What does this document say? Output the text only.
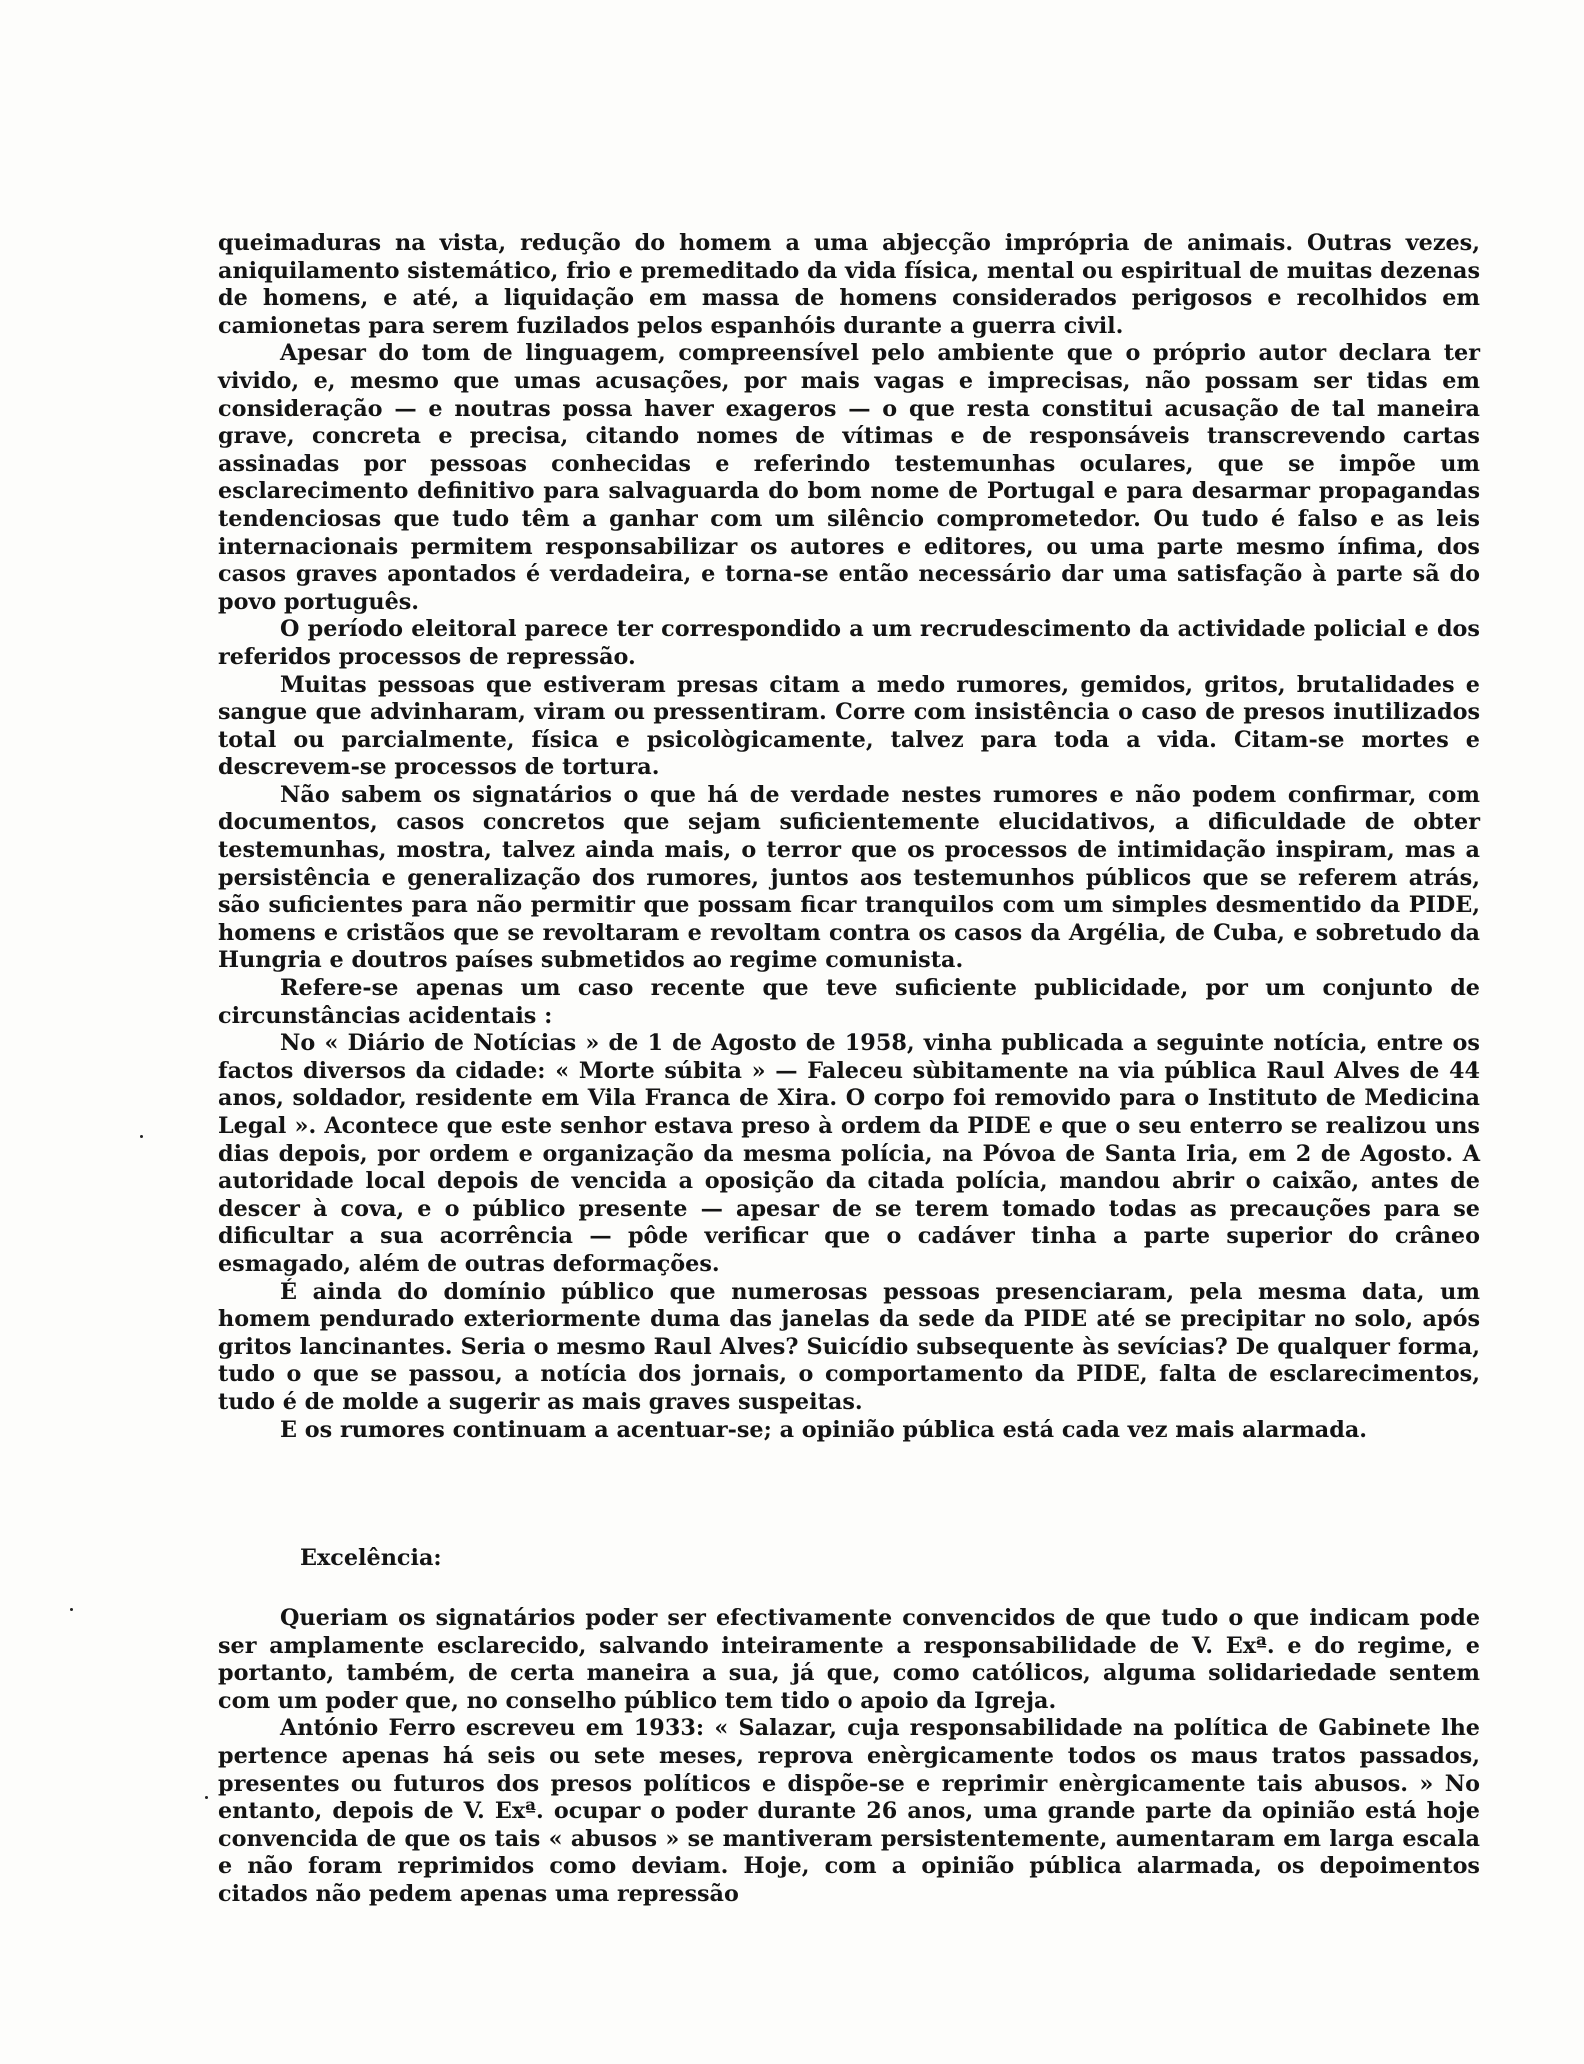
queimaduras na vista, redução do homem a uma abjecção imprópria de animais. Outras vezes, aniquilamento sistemático, frio e premeditado da vida física, mental ou espiritual de muitas dezenas de homens, e até, a liquidação em massa de homens considerados perigosos e recolhidos em camionetas para serem fuzilados pelos espanhóis durante a guerra civil.

Apesar do tom de linguagem, compreensível pelo ambiente que o próprio autor declara ter vivido, e, mesmo que umas acusações, por mais vagas e imprecisas, não possam ser tidas em consideração — e noutras possa haver exageros — o que resta constitui acusação de tal maneira grave, concreta e precisa, citando nomes de vítimas e de responsáveis transcrevendo cartas assinadas por pessoas conhecidas e referindo testemunhas oculares, que se impõe um esclarecimento definitivo para salvaguarda do bom nome de Portugal e para desarmar propagandas tendenciosas que tudo têm a ganhar com um silêncio comprometedor. Ou tudo é falso e as leis internacionais permitem responsabilizar os autores e editores, ou uma parte mesmo ínfima, dos casos graves apontados é verdadeira, e torna-se então necessário dar uma satisfação à parte sã do povo português.

O período eleitoral parece ter correspondido a um recrudescimento da actividade policial e dos referidos processos de repressão.

Muitas pessoas que estiveram presas citam a medo rumores, gemidos, gritos, brutalidades e sangue que advinharam, viram ou pressentiram. Corre com insistência o caso de presos inutilizados total ou parcialmente, física e psicològicamente, talvez para toda a vida. Citam-se mortes e descrevem-se processos de tortura.

Não sabem os signatários o que há de verdade nestes rumores e não podem confirmar, com documentos, casos concretos que sejam suficientemente elucidativos, a dificuldade de obter testemunhas, mostra, talvez ainda mais, o terror que os processos de intimidação inspiram, mas a persistência e generalização dos rumores, juntos aos testemunhos públicos que se referem atrás, são suficientes para não permitir que possam ficar tranquilos com um simples desmentido da PIDE, homens e cristãos que se revoltaram e revoltam contra os casos da Argélia, de Cuba, e sobretudo da Hungria e doutros países submetidos ao regime comunista.

Refere-se apenas um caso recente que teve suficiente publicidade, por um conjunto de circunstâncias acidentais :

No « Diário de Notícias » de 1 de Agosto de 1958, vinha publicada a seguinte notícia, entre os factos diversos da cidade: « Morte súbita » — Faleceu sùbitamente na via pública Raul Alves de 44 anos, soldador, residente em Vila Franca de Xira. O corpo foi removido para o Instituto de Medicina Legal ». Acontece que este senhor estava preso à ordem da PIDE e que o seu enterro se realizou uns dias depois, por ordem e organização da mesma polícia, na Póvoa de Santa Iria, em 2 de Agosto. A autoridade local depois de vencida a oposição da citada polícia, mandou abrir o caixão, antes de descer à cova, e o público presente — apesar de se terem tomado todas as precauções para se dificultar a sua acorrência — pôde verificar que o cadáver tinha a parte superior do crâneo esmagado, além de outras deformações.

É ainda do domínio público que numerosas pessoas presenciaram, pela mesma data, um homem pendurado exteriormente duma das janelas da sede da PIDE até se precipitar no solo, após gritos lancinantes. Seria o mesmo Raul Alves? Suicídio subsequente às sevícias? De qualquer forma, tudo o que se passou, a notícia dos jornais, o comportamento da PIDE, falta de esclarecimentos, tudo é de molde a sugerir as mais graves suspeitas.

E os rumores continuam a acentuar-se; a opinião pública está cada vez mais alarmada.

Excelência:

Queriam os signatários poder ser efectivamente convencidos de que tudo o que indicam pode ser amplamente esclarecido, salvando inteiramente a responsabilidade de V. Exª. e do regime, e portanto, também, de certa maneira a sua, já que, como católicos, alguma solidariedade sentem com um poder que, no conselho público tem tido o apoio da Igreja.

António Ferro escreveu em 1933: « Salazar, cuja responsabilidade na política de Gabinete lhe pertence apenas há seis ou sete meses, reprova enèrgicamente todos os maus tratos passados, presentes ou futuros dos presos políticos e dispõe-se e reprimir enèrgicamente tais abusos. » No entanto, depois de V. Exª. ocupar o poder durante 26 anos, uma grande parte da opinião está hoje convencida de que os tais « abusos » se mantiveram persistentemente, aumentaram em larga escala e não foram reprimidos como deviam. Hoje, com a opinião pública alarmada, os depoimentos citados não pedem apenas uma repressão
